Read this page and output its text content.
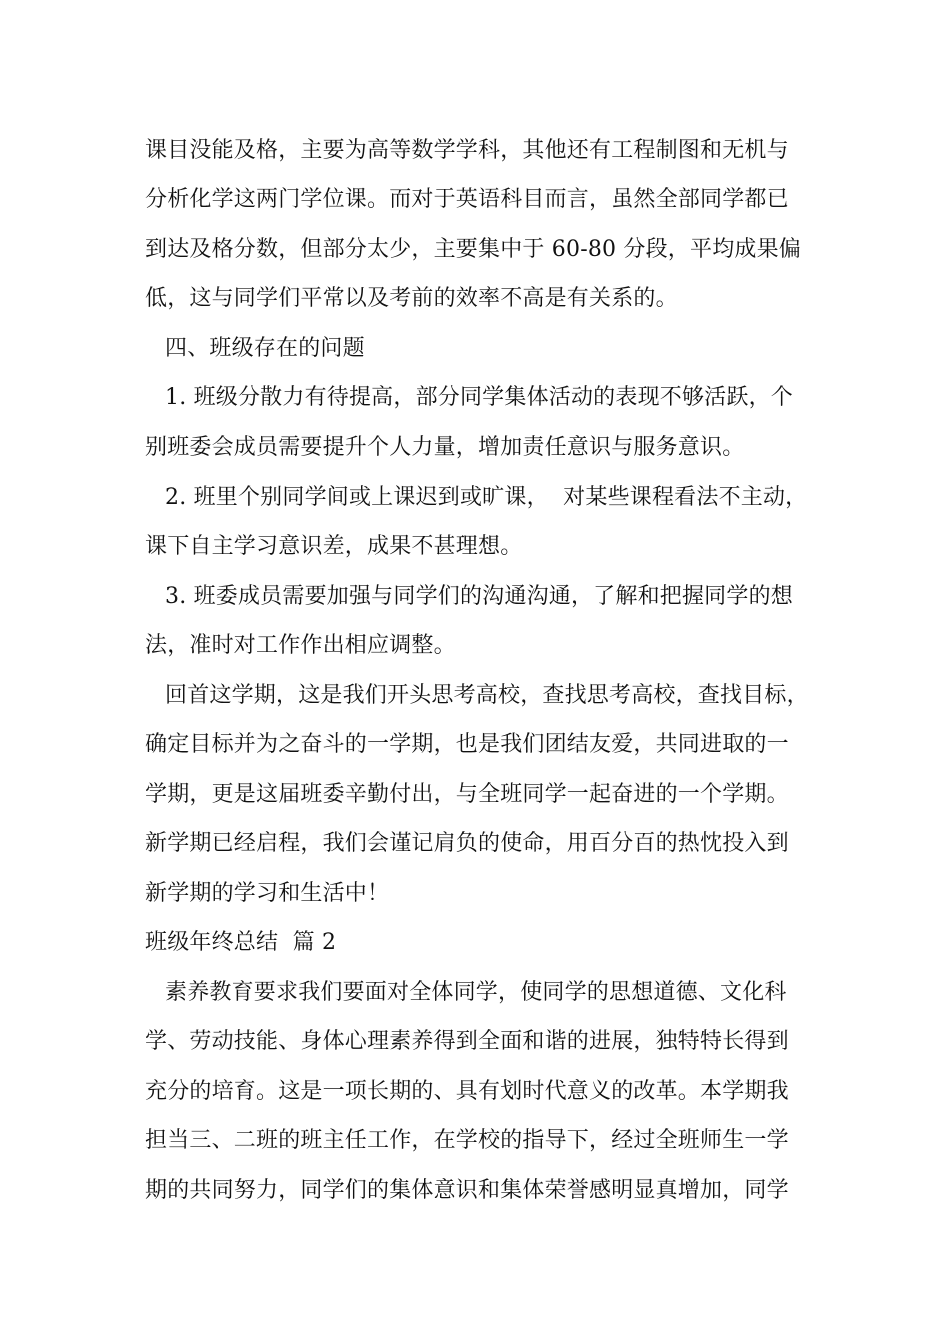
课目没能及格，主要为高等数学学科，其他还有工程制图和无机与
分析化学这两门学位课。而对于英语科目而言，虽然全部同学都已
到达及格分数，但部分太少，主要集中于 60-80 分段，平均成果偏
低，这与同学们平常以及考前的效率不高是有关系的。
四、班级存在的问题
1. 班级分散力有待提高，部分同学集体活动的表现不够活跃，个
别班委会成员需要提升个人力量，增加责任意识与服务意识。
2. 班里个别同学间或上课迟到或旷课，  对某些课程看法不主动，
课下自主学习意识差，成果不甚理想。
3. 班委成员需要加强与同学们的沟通沟通，了解和把握同学的想
法，准时对工作作出相应调整。
回首这学期，这是我们开头思考高校，查找思考高校，查找目标，
确定目标并为之奋斗的一学期，也是我们团结友爱，共同进取的一
学期，更是这届班委辛勤付出，与全班同学一起奋进的一个学期。
新学期已经启程，我们会谨记肩负的使命，用百分百的热忱投入到
新学期的学习和生活中！
班级年终总结  篇 2
素养教育要求我们要面对全体同学，使同学的思想道德、文化科
学、劳动技能、身体心理素养得到全面和谐的进展，独特特长得到
充分的培育。这是一项长期的、具有划时代意义的改革。本学期我
担当三、二班的班主任工作，在学校的指导下，经过全班师生一学
期的共同努力，同学们的集体意识和集体荣誉感明显真增加，同学
